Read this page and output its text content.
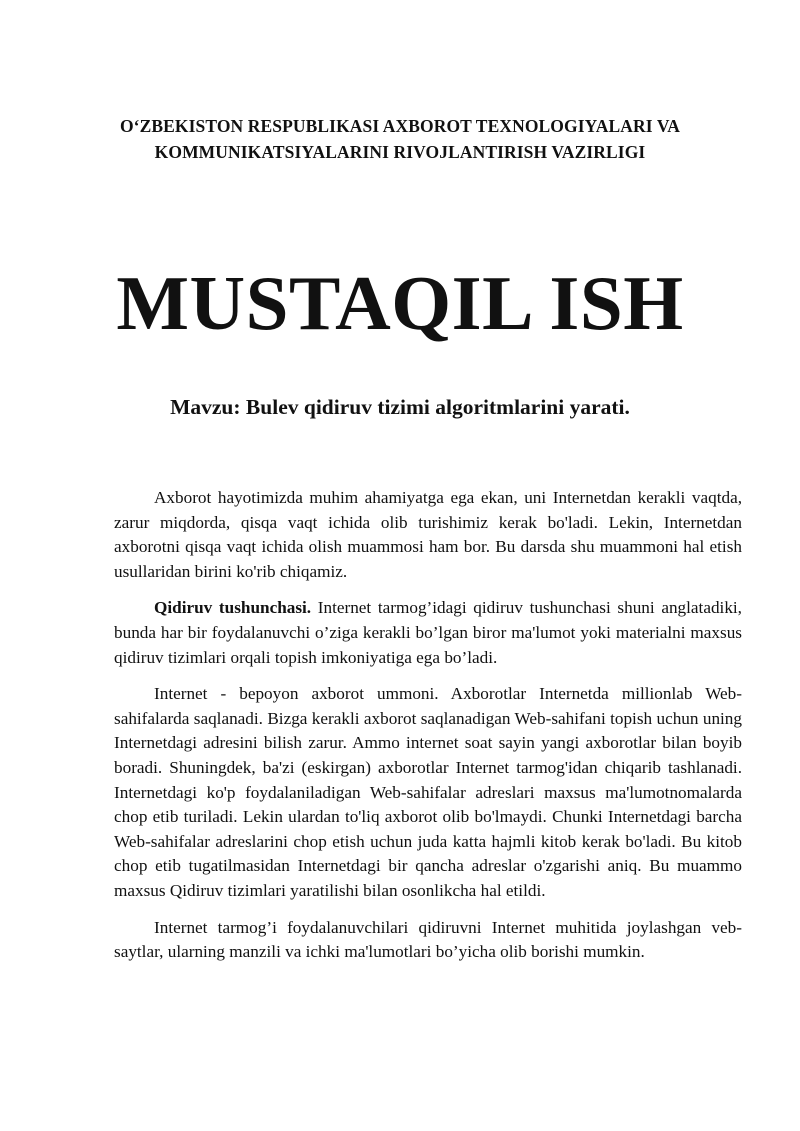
O‘ZBEKISTON RESPUBLIKASI AXBOROT TEXNOLOGIYALARI VA
KOMMUNIKATSIYALARINI RIVOJLANTIRISH VAZIRLIGI
MUSTAQIL ISH
Mavzu: Bulev qidiruv tizimi algoritmlarini yarati.

Axborot hayotimizda muhim ahamiyatga ega ekan, uni Internetdan kerakli vaqtda, zarur miqdorda, qisqa vaqt ichida olib turishimiz kerak bo'ladi. Lekin, Internetdan axborotni qisqa vaqt ichida olish muammosi ham bor. Bu darsda shu muammoni hal etish usullaridan birini ko'rib chiqamiz.

Qidiruv tushunchasi. Internet tarmog’idagi qidiruv tushunchasi shuni anglatadiki, bunda har bir foydalanuvchi o’ziga kerakli bo’lgan biror ma'lumot yoki materialni maxsus qidiruv tizimlari orqali topish imkoniyatiga ega bo’ladi.

Internet - bepoyon axborot ummoni. Axborotlar Internetda millionlab Web-sahifalarda saqlanadi. Bizga kerakli axborot saqlanadigan Web-sahifani topish uchun uning Internetdagi adresini bilish zarur. Ammo internet soat sayin yangi axborotlar bilan boyib boradi. Shuningdek, ba'zi (eskirgan) axborotlar Internet tarmog'idan chiqarib tashlanadi. Internetdagi ko'p foydalaniladigan Web-sahifalar adreslari maxsus ma'lumotnomalarda chop etib turiladi. Lekin ulardan to'liq axborot olib bo'lmaydi. Chunki Internetdagi barcha Web-sahifalar adreslarini chop etish uchun juda katta hajmli kitob kerak bo'ladi. Bu kitob chop etib tugatilmasidan Internetdagi bir qancha adreslar o'zgarishi aniq. Bu muammo maxsus Qidiruv tizimlari yaratilishi bilan osonlikcha hal etildi.

Internet tarmog’i foydalanuvchilari qidiruvni Internet muhitida joylashgan veb-saytlar, ularning manzili va ichki ma'lumotlari bo’yicha olib borishi mumkin.
